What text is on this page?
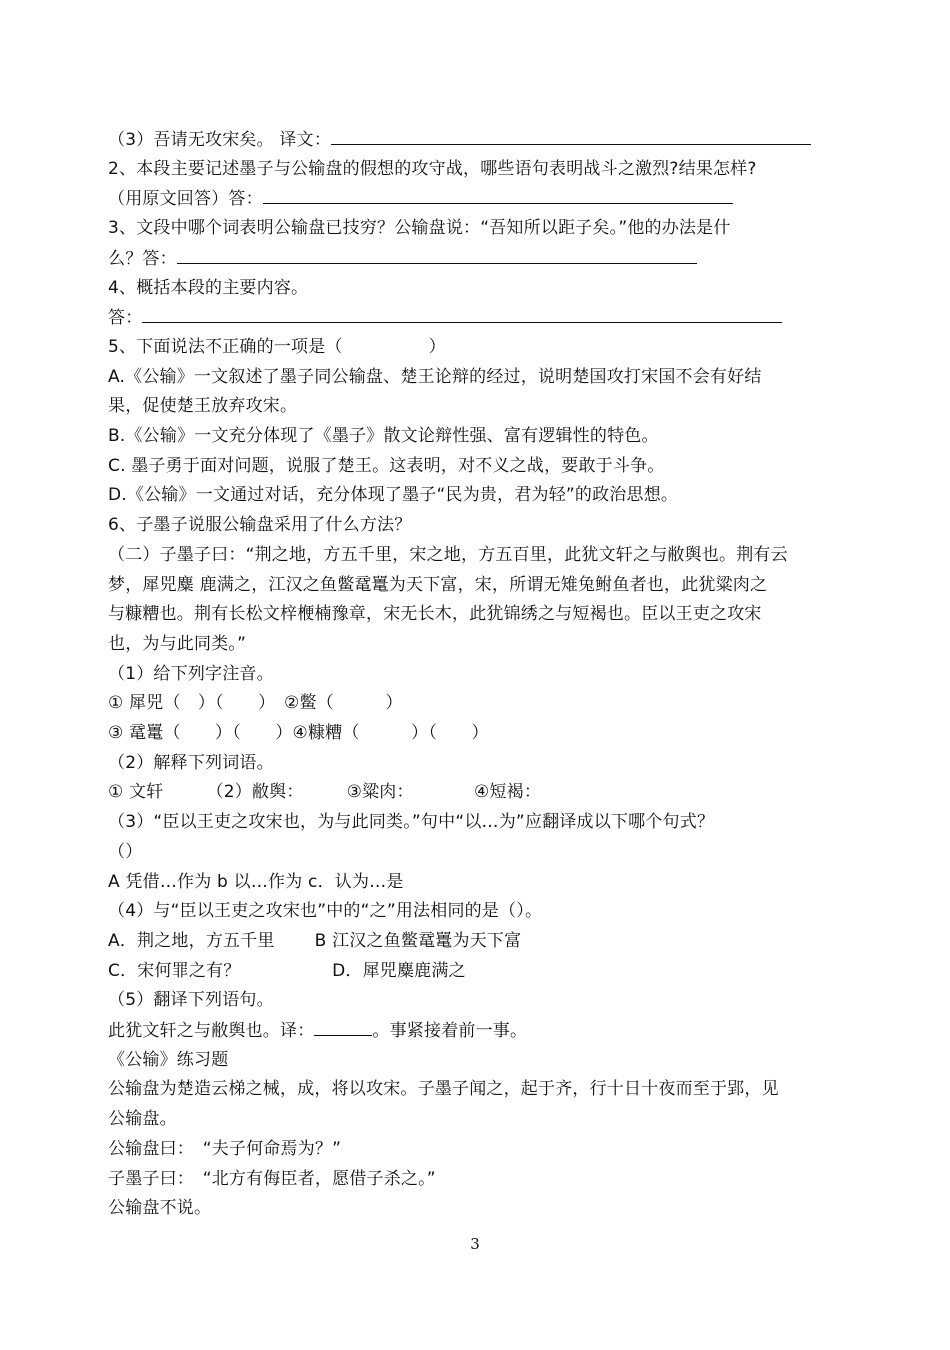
（3）吾请无攻宋矣。 译文：
2、本段主要记述墨子与公输盘的假想的攻守战，哪些语句表明战斗之激烈?结果怎样?
（用原文回答）答：
3、文段中哪个词表明公输盘已技穷？公输盘说：“吾知所以距子矣。”他的办法是什
么？答：
4、概括本段的主要内容。
答：
5、下面说法不正确的一项是（　　　　　）
A.《公输》一文叙述了墨子同公输盘、楚王论辩的经过，说明楚国攻打宋国不会有好结
果，促使楚王放弃攻宋。
B.《公输》一文充分体现了《墨子》散文论辩性强、富有逻辑性的特色。
C. 墨子勇于面对问题，说服了楚王。这表明，对不义之战，要敢于斗争。
D.《公输》一文通过对话，充分体现了墨子“民为贵，君为轻”的政治思想。
6、子墨子说服公输盘采用了什么方法？
（二）子墨子曰：“荆之地，方五千里，宋之地，方五百里，此犹文轩之与敝舆也。荆有云
梦，犀兕麋 鹿满之，江汉之鱼鳖鼋鼍为天下富，宋，所谓无雉兔鲋鱼者也，此犹粱肉之
与糠糟也。荆有长松文梓楩楠豫章，宋无长木，此犹锦绣之与短褐也。臣以王吏之攻宋
也，为与此同类。”
（1）给下列字注音。
① 犀兕（　）（　　）　②鳖（　　　）
③ 鼋鼍（　　）（　　）④糠糟（　　　）（　　）
（2）解释下列词语。
① 文轩　　　（2）敝舆：　　　③粱肉：　　　　④短褐：
（3）“臣以王吏之攻宋也，为与此同类。”句中“以…为”应翻译成以下哪个句式？
（）
A 凭借…作为 b 以…作为 c．认为…是
（4）与“臣以王吏之攻宋也”中的“之”用法相同的是（）。
A．荆之地，方五千里　　 B 江汉之鱼鳖鼋鼍为天下富
C．宋何罪之有？　　　　　 D．犀兕麋鹿满之
（5）翻译下列语句。
此犹文轩之与敝舆也。译：	。事紧接着前一事。
《公输》练习题
公输盘为楚造云梯之械，成，将以攻宋。子墨子闻之，起于齐，行十日十夜而至于郢，见
公输盘。
公输盘曰：　“夫子何命焉为？”
子墨子曰：　“北方有侮臣者，愿借子杀之。”
公输盘不说。
3
